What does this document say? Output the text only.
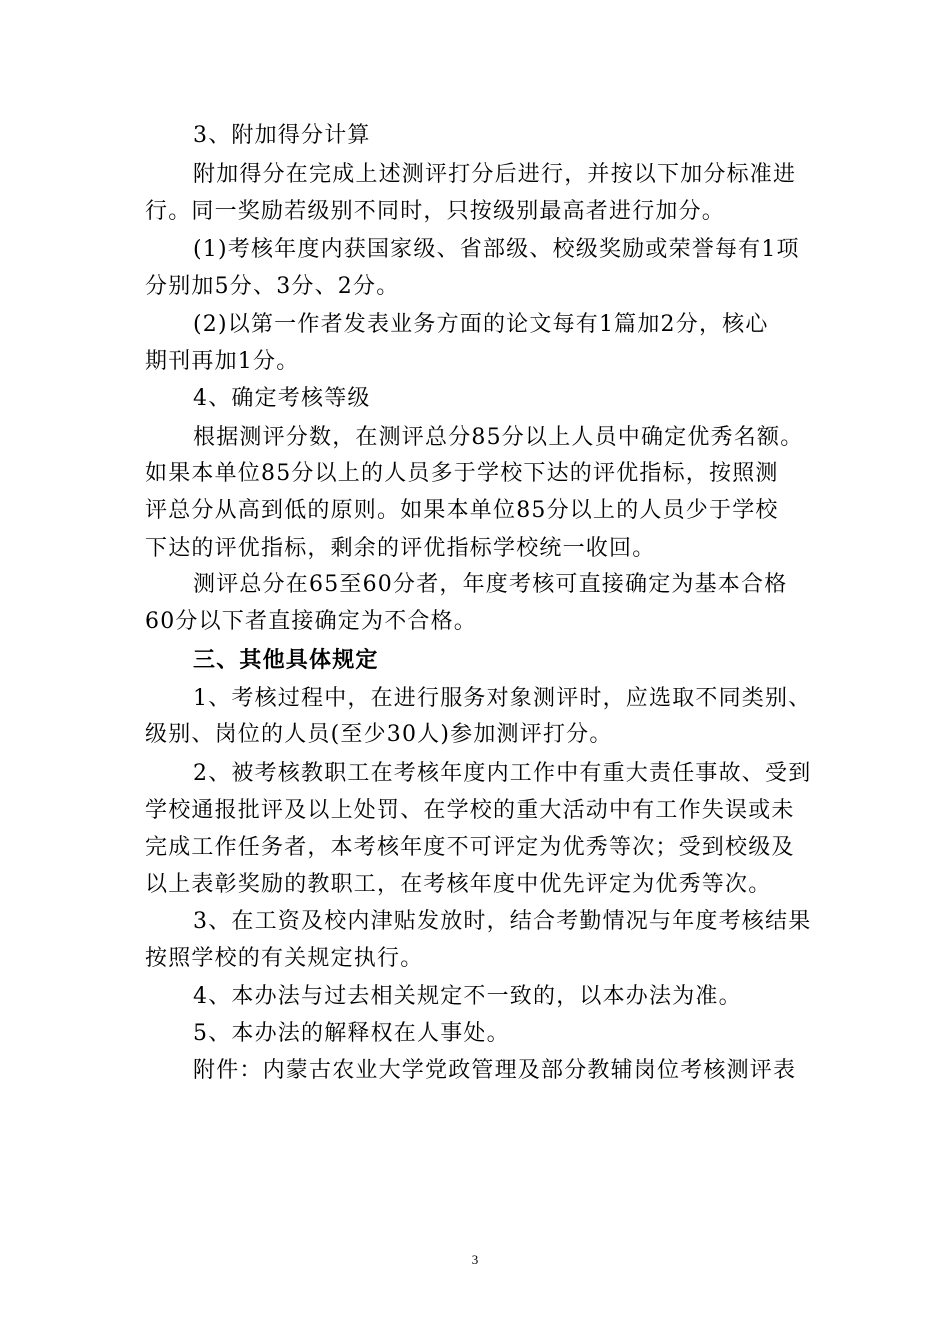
3、附加得分计算
附加得分在完成上述测评打分后进行，并按以下加分标准进
行。同一奖励若级别不同时，只按级别最高者进行加分。
(1)考核年度内获国家级、省部级、校级奖励或荣誉每有1项
分别加5分、3分、2分。
(2)以第一作者发表业务方面的论文每有1篇加2分，核心
期刊再加1分。
4、确定考核等级
根据测评分数，在测评总分85分以上人员中确定优秀名额。
如果本单位85分以上的人员多于学校下达的评优指标，按照测
评总分从高到低的原则。如果本单位85分以上的人员少于学校
下达的评优指标，剩余的评优指标学校统一收回。
测评总分在65至60分者，年度考核可直接确定为基本合格
60分以下者直接确定为不合格。
三、其他具体规定
1、考核过程中，在进行服务对象测评时，应选取不同类别、
级别、岗位的人员(至少30人)参加测评打分。
2、被考核教职工在考核年度内工作中有重大责任事故、受到
学校通报批评及以上处罚、在学校的重大活动中有工作失误或未
完成工作任务者，本考核年度不可评定为优秀等次；受到校级及
以上表彰奖励的教职工，在考核年度中优先评定为优秀等次。
3、在工资及校内津贴发放时，结合考勤情况与年度考核结果
按照学校的有关规定执行。
4、本办法与过去相关规定不一致的，以本办法为准。
5、本办法的解释权在人事处。
附件：内蒙古农业大学党政管理及部分教辅岗位考核测评表
3
